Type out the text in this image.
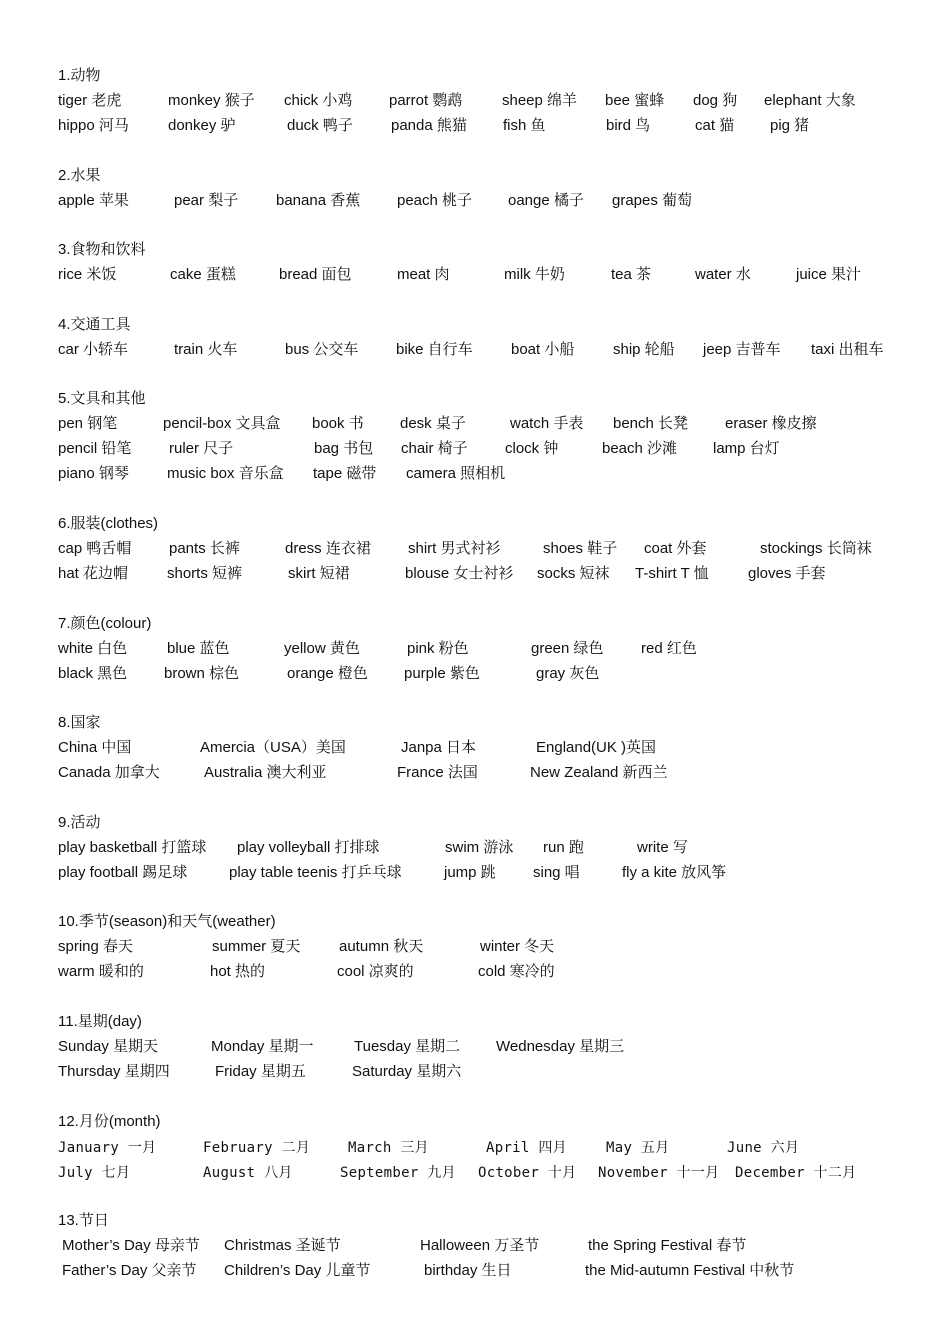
1.动物
tiger 老虎	monkey 猴子 chick 小鸡 parrot 鹦鹉	sheep 绵羊 bee 蜜蜂 dog 狗 elephant 大象
hippo 河马	donkey 驴	duck 鸭子	panda 熊猫 fish 鱼	bird 鸟	cat 猫 pig 猪
2.水果
apple 苹果	pear 梨子	banana 香蕉 peach 桃子 oange 橘子 grapes 葡萄
3.食物和饮料
rice 米饭	cake 蛋糕	bread 面包	meat 肉	milk 牛奶	tea 茶	water 水	juice 果汁
4.交通工具
car 小轿车	train 火车	bus 公交车	bike 自行车	boat 小船	ship 轮船 jeep 吉普车 taxi 出租车
5.文具和其他
pen 钢笔	pencil-box 文具盒 book 书 desk 桌子	watch 手表 bench 长凳 eraser 橡皮擦
pencil 铅笔	ruler 尺子	bag 书包 chair 椅子 clock 钟	beach 沙滩 lamp 台灯
piano 钢琴	music box 音乐盒 tape 磁带 camera 照相机
6.服装(clothes)
cap 鸭舌帽	pants 长裤	dress 连衣裙 shirt 男式衬衫	shoes 鞋子 coat 外套	stockings 长筒袜
hat 花边帽	shorts 短裤	skirt 短裙	blouse 女士衬衫 socks 短袜 T-shirt T 恤	gloves 手套
7.颜色(colour)
white 白色	blue 蓝色	yellow 黄色	pink 粉色	green 绿色 red 红色
black 黑色 brown 棕色	orange 橙色 purple 紫色	gray 灰色
8.国家
China 中国	Amercia（USA）美国	Janpa 日本	England(UK )英国
Canada 加拿大	Australia 澳大利亚	France 法国	New Zealand 新西兰
9.活动
play basketball 打篮球 play volleyball 打排球	swim 游泳 run 跑	write 写
play football 踢足球	play table teenis 打乒乓球	jump 跳 sing 唱	fly a kite 放风筝
10.季节(season)和天气(weather)
spring 春天	summer 夏天	autumn 秋天	winter 冬天
warm 暖和的	hot 热的	cool 凉爽的	cold 寒冷的
11.星期(day)
Sunday 星期天	Monday 星期一	Tuesday 星期二 Wednesday 星期三
Thursday 星期四	Friday 星期五	Saturday 星期六
12.月份(month)
January 一月	February 二月	March 三月	April 四月	May 五月	June 六月
July 七月	August 八月	September 九月 October 十月 November 十一月 December 十二月
13.节日
Mother’s Day 母亲节 Christmas 圣诞节	Halloween 万圣节	the Spring Festival 春节
Father’s Day 父亲节 Children’s Day 儿童节	birthday 生日	the Mid-autumn Festival 中秋节
